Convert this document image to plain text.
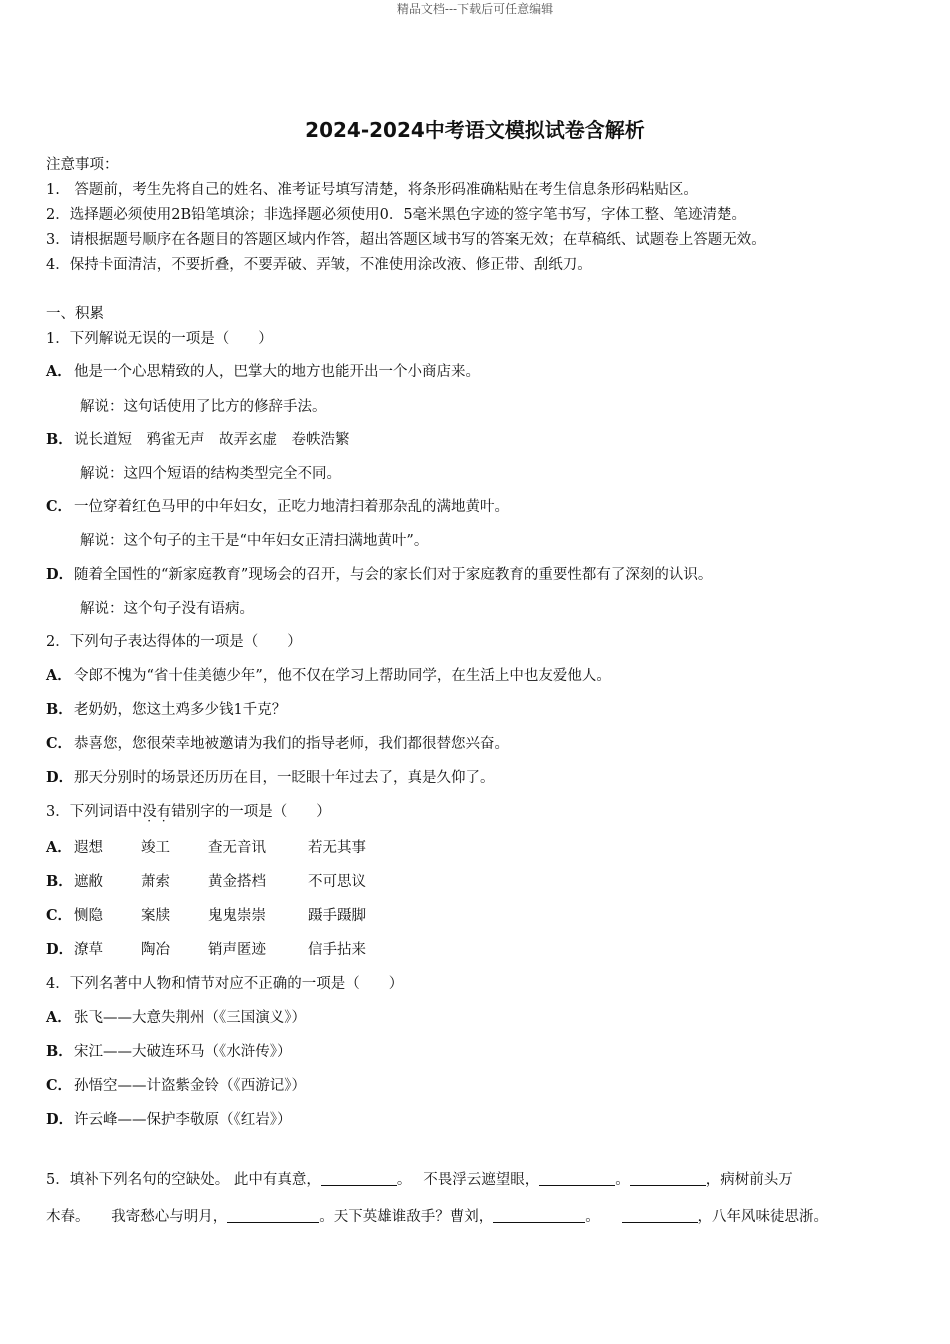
精品文档---下载后可任意编辑
2024-2024中考语文模拟试卷含解析
注意事项：
1.　答题前，考生先将自己的姓名、准考证号填写清楚，将条形码准确粘贴在考生信息条形码粘贴区。
2．选择题必须使用2B铅笔填涂；非选择题必须使用0．5毫米黑色字迹的签字笔书写，字体工整、笔迹清楚。
3．请根据题号顺序在各题目的答题区域内作答，超出答题区域书写的答案无效；在草稿纸、试题卷上答题无效。
4．保持卡面清洁，不要折叠，不要弄破、弄皱，不准使用涂改液、修正带、刮纸刀。
一、积累
1．下列解说无误的一项是（　　）
A． 他是一个心思精致的人，巴掌大的地方也能开出一个小商店来。
解说：这句话使用了比方的修辞手法。
B．说长道短　鸦雀无声　故弄玄虚　卷帙浩繁
解说：这四个短语的结构类型完全不同。
C． 一位穿着红色马甲的中年妇女，正吃力地清扫着那杂乱的满地黄叶。
解说：这个句子的主干是“中年妇女正清扫满地黄叶”。
D．随着全国性的“新家庭教育”现场会的召开，与会的家长们对于家庭教育的重要性都有了深刻的认识。
解说：这个句子没有语病。
2．下列句子表达得体的一项是（　　）
A． 令郎不愧为“省十佳美德少年”，他不仅在学习上帮助同学，在生活上中也友爱他人。
B．老奶奶，您这土鸡多少钱1千克？
C． 恭喜您，您很荣幸地被邀请为我们的指导老师，我们都很替您兴奋。
D．那天分别时的场景还历历在目，一眨眼十年过去了，真是久仰了。
3．下列词语中没有错别字的一项是（　　）
A． 遐想	竣工	查无音讯	若无其事
B．遮敝	萧索	黄金搭档	不可思议
C． 恻隐	案牍	鬼鬼崇崇	蹑手蹑脚
D．潦草	陶冶	销声匿迹	信手拈来
4．下列名著中人物和情节对应不正确的一项是（　　）
A． 张飞——大意失荆州（《三国演义》）
B．宋江——大破连环马（《水浒传》）
C． 孙悟空——计盗紫金铃（《西游记》）
D．许云峰——保护李敬原（《红岩》）
5．填补下列名句的空缺处。 此中有真意，	。　 不畏浮云遮望眼，	。	，病树前头万
木春。　　我寄愁心与明月，	。天下英雄谁敌手？曹刘，	。　　	，八年风味徒思浙。
